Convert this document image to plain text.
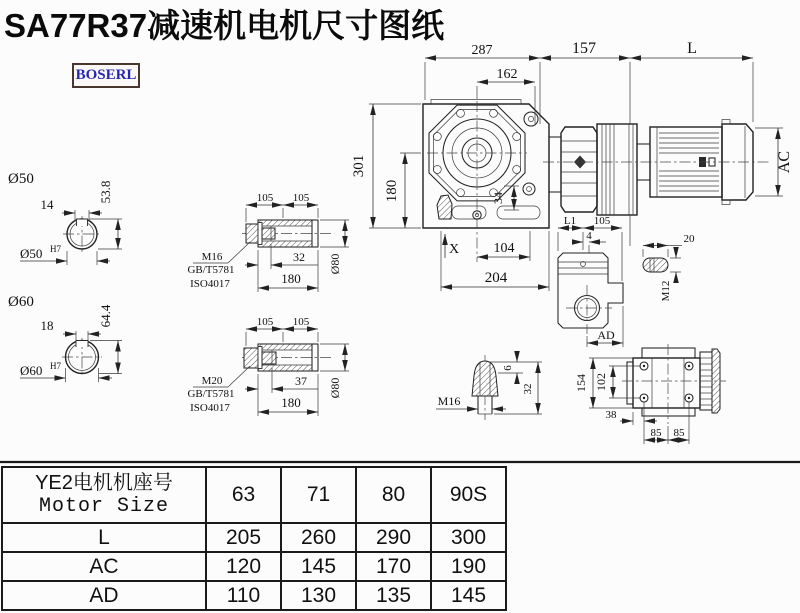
287
162
157	L
AC
301
180	34
X 104
204
Ø50
14
53.8
Ø50 H7
Ø60
18	64.4
Ø60 H7
105 105
M16
GB/T5781
ISO4017
32
180
Ø80
105 105
M20
GB/T5781
ISO4017
37
180
Ø80
L1 105
4
AD
20
M12
M16
6
32	154 102
38
85 85
SA77R37减速机电机尺寸图纸
BOSERL
YE2电机机座号
Motor Size	63	71	80	90S
L	205	260	290	300
AC	120	145	170	190
AD	110	130	135	145
